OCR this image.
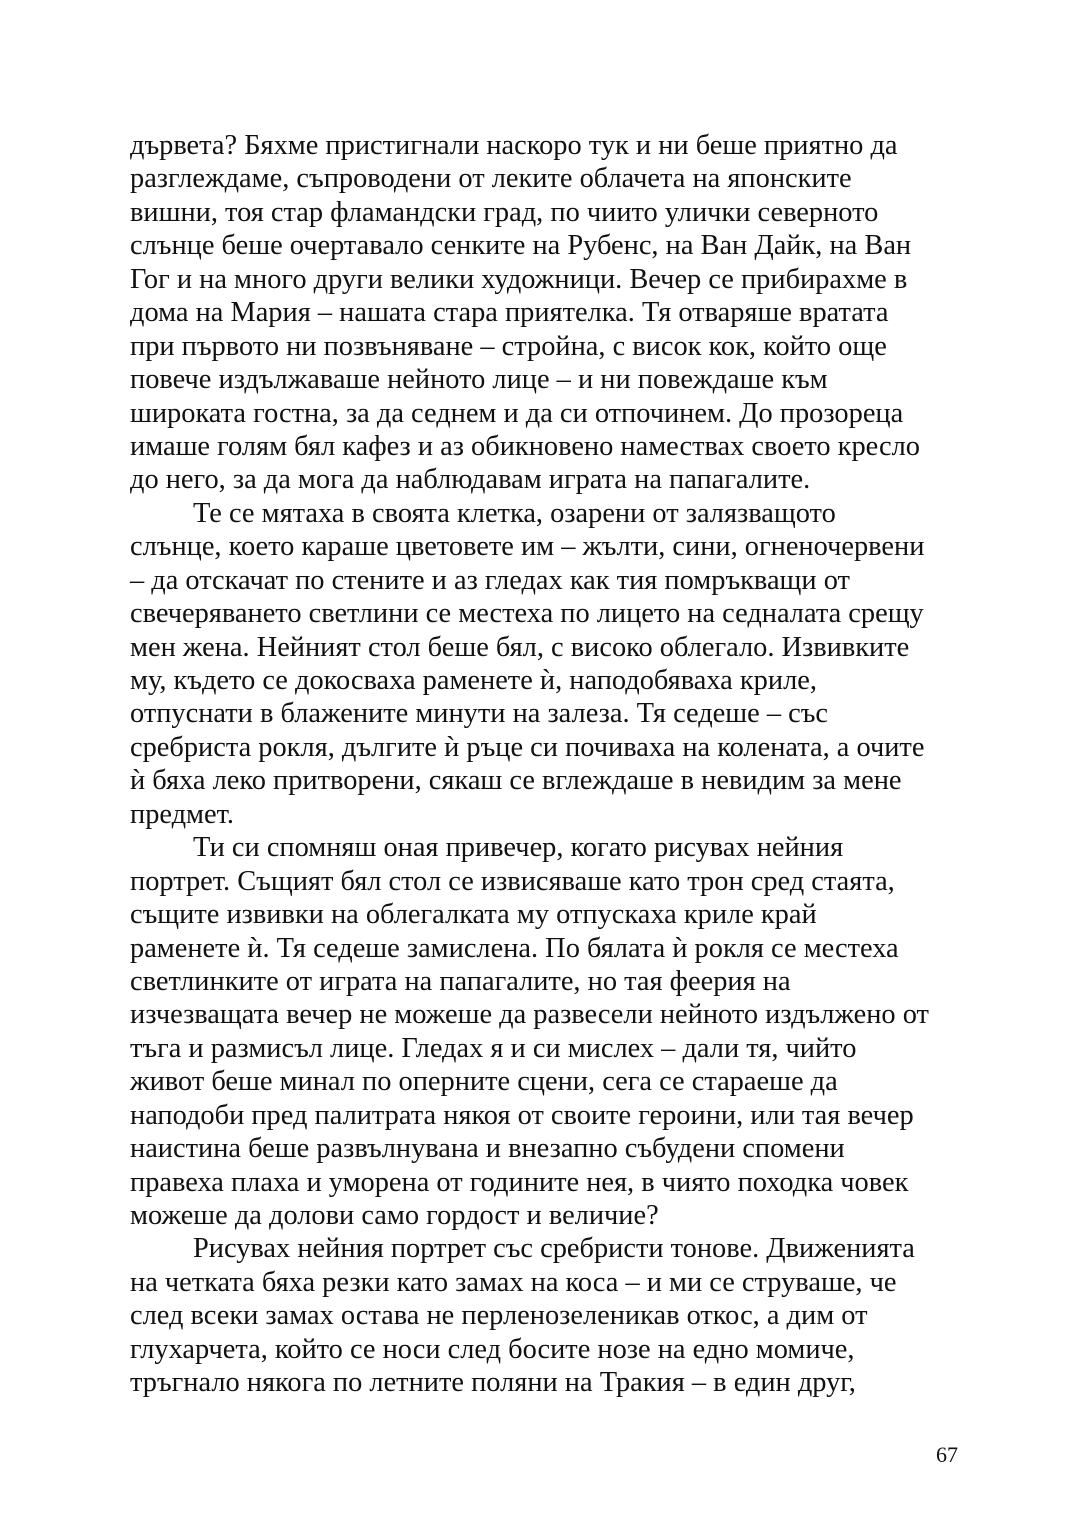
дървета? Бяхме пристигнали наскоро тук и ни беше приятно да
разглеждаме, съпроводени от леките облачета на японските
вишни, тоя стар фламандски град, по чиито улички северното
слънце беше очертавало сенките на Рубенс, на Ван Дайк, на Ван
Гог и на много други велики художници. Вечер се прибирахме в
дома на Мария – нашата стара приятелка. Тя отваряше вратата
при първото ни позвъняване – стройна, с висок кок, който още
повече издължаваше нейното лице – и ни повеждаше към
широката гостна, за да седнем и да си отпочинем. До прозореца
имаше голям бял кафез и аз обикновено намествах своето кресло
до него, за да мога да наблюдавам играта на папагалите.
Те се мятаха в своята клетка, озарени от залязващото
слънце, което караше цветовете им – жълти, сини, огненочервени
– да отскачат по стените и аз гледах как тия помръкващи от
свечеряването светлини се местеха по лицето на седналата срещу
мен жена. Нейният стол беше бял, с високо облегало. Извивките
му, където се докосваха раменете ѝ, наподобяваха криле,
отпуснати в блажените минути на залеза. Тя седеше – със
сребриста рокля, дългите ѝ ръце си почиваха на колената, а очите
ѝ бяха леко притворени, сякаш се вглеждаше в невидим за мене
предмет.
Ти си спомняш оная привечер, когато рисувах нейния
портрет. Същият бял стол се извисяваше като трон сред стаята,
същите извивки на облегалката му отпускаха криле край
раменете ѝ. Тя седеше замислена. По бялата ѝ рокля се местеха
светлинките от играта на папагалите, но тая феерия на
изчезващата вечер не можеше да развесели нейното издължено от
тъга и размисъл лице. Гледах я и си мислех – дали тя, чийто
живот беше минал по оперните сцени, сега се стараеше да
наподоби пред палитрата някоя от своите героини, или тая вечер
наистина беше развълнувана и внезапно събудени спомени
правеха плаха и уморена от годините нея, в чиято походка човек
можеше да долови само гордост и величие?
Рисувах нейния портрет със сребристи тонове. Движенията
на четката бяха резки като замах на коса – и ми се струваше, че
след всеки замах остава не перленозеленикав откос, а дим от
глухарчета, който се носи след босите нозе на едно момиче,
тръгнало някога по летните поляни на Тракия – в един друг,
67
